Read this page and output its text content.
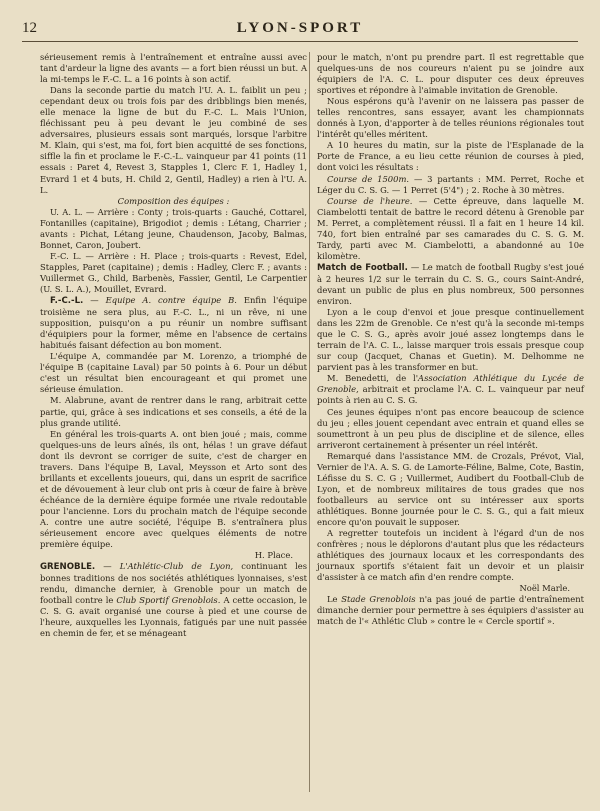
12	LYON-SPORT

sérieusement remis à l'entraînement et entraîne aussi avec tant d'ardeur la ligne des avants — a fort bien réussi un but. A la mi-temps le F.-C. L. a 16 points à son actif.

Dans la seconde partie du match l'U. A. L. faiblit un peu ; cependant deux ou trois fois par des dribblings bien menés, elle menace la ligne de but du F.-C. L. Mais l'Union, fléchissant peu à peu devant le jeu combiné de ses adversaires, plusieurs essais sont marqués, lorsque l'arbitre M. Klain, qui s'est, ma foi, fort bien acquitté de ses fonctions, siffle la fin et proclame le F.-C.-L. vainqueur par 41 points (11 essais : Paret 4, Revest 3, Stapples 1, Clerc F. 1, Hadley 1, Evrard 1 et 4 buts, H. Child 2, Gentil, Hadley) a rien à l'U. A. L.

Composition des équipes :

U. A. L. — Arrière : Conty ; trois-quarts : Gauché, Cottarel, Fontanilles (capitaine), Brigodiot ; demis : Létang, Charrier ; avants : Pichat, Létang jeune, Chaudenson, Jacoby, Balmas, Bonnet, Caron, Joubert.

F.-C. L. — Arrière : H. Place ; trois-quarts : Revest, Edel, Stapples, Paret (capitaine) ; demis : Hadley, Clerc F. ; avants : Vuillermet G., Child, Barbenès, Fassier, Gentil, Le Carpentier (U. S. L. A.), Mouillet, Evrard.

F.-C.-L. — Equipe A. contre équipe B. Enfin l'équipe troisième ne sera plus, au F.-C. L., ni un rêve, ni une supposition, puisqu'on a pu réunir un nombre suffisant d'équipiers pour la former, même en l'absence de certains habitués faisant défection au bon moment.

L'équipe A, commandée par M. Lorenzo, a triomphé de l'équipe B (capitaine Laval) par 50 points à 6. Pour un début c'est un résultat bien encourageant et qui promet une sérieuse émulation.

M. Alabrune, avant de rentrer dans le rang, arbitrait cette partie, qui, grâce à ses indications et ses conseils, a été de la plus grande utilité.

En général les trois-quarts A. ont bien joué ; mais, comme quelques-uns de leurs aînés, ils ont, hélas ! un grave défaut dont ils devront se corriger de suite, c'est de charger en travers. Dans l'équipe B, Laval, Meysson et Arto sont des brillants et excellents joueurs, qui, dans un esprit de sacrifice et de dévouement à leur club ont pris à cœur de faire à brève échéance de la dernière équipe formée une rivale redoutable pour l'ancienne. Lors du prochain match de l'équipe seconde A. contre une autre société, l'équipe B. s'entraînera plus sérieusement encore avec quelques éléments de notre première équipe.

H. Place.

GRENOBLE. — L'Athlétic-Club de Lyon, continuant les bonnes traditions de nos sociétés athlétiques lyonnaises, s'est rendu, dimanche dernier, à Grenoble pour un match de football contre le Club Sportif Grenoblois. A cette occasion, le C. S. G. avait organisé une course à pied et une course de l'heure, auxquelles les Lyonnais, fatigués par une nuit passée en chemin de fer, et se ménageant

pour le match, n'ont pu prendre part. Il est regrettable que quelques-uns de nos coureurs n'aient pu se joindre aux équipiers de l'A. C. L. pour disputer ces deux épreuves sportives et répondre à l'aimable invitation de Grenoble.

Nous espérons qu'à l'avenir on ne laissera pas passer de telles rencontres, sans essayer, avant les championnats donnés à Lyon, d'apporter à de telles réunions régionales tout l'intérêt qu'elles méritent.

A 10 heures du matin, sur la piste de l'Esplanade de la Porte de France, a eu lieu cette réunion de courses à pied, dont voici les résultats :

Course de 1500m. — 3 partants : MM. Perret, Roche et Léger du C. S. G. — 1 Perret (5'4") ; 2. Roche à 30 mètres.

Course de l'heure. — Cette épreuve, dans laquelle M. Ciambelotti tentait de battre le record détenu à Grenoble par M. Perret, a complètement réussi. Il a fait en 1 heure 14 kil. 740, fort bien entraîné par ses camarades du C. S. G. M. Tardy, parti avec M. Ciambelotti, a abandonné au 10e kilomètre.

Match de Football. — Le match de football Rugby s'est joué à 2 heures 1/2 sur le terrain du C. S. G., cours Saint-André, devant un public de plus en plus nombreux, 500 personnes environ.

Lyon a le coup d'envoi et joue presque continuellement dans les 22m de Grenoble. Ce n'est qu'à la seconde mi-temps que le C. S. G., après avoir joué assez longtemps dans le terrain de l'A. C. L., laisse marquer trois essais presque coup sur coup (Jacquet, Chanas et Guetin). M. Delhomme ne parvient pas à les transformer en but.

M. Benedetti, de l'Association Athlétique du Lycée de Grenoble, arbitrait et proclame l'A. C. L. vainqueur par neuf points à rien au C. S. G.

Ces jeunes équipes n'ont pas encore beaucoup de science du jeu ; elles jouent cependant avec entrain et quand elles se soumettront à un peu plus de discipline et de silence, elles arriveront certainement à présenter un réel intérêt.

Remarqué dans l'assistance MM. de Crozals, Prévot, Vial, Vernier de l'A. A. S. G. de Lamorte-Féline, Balme, Cote, Bastin, Léfisse du S. C. G ; Vuillermet, Audibert du Football-Club de Lyon, et de nombreux militaires de tous grades que nos footballeurs au service ont su intéresser aux sports athlétiques. Bonne journée pour le C. S. G., qui a fait mieux encore qu'on pouvait le supposer.

A regretter toutefois un incident à l'égard d'un de nos confrères ; nous le déplorons d'autant plus que les rédacteurs athlétiques des journaux locaux et les correspondants des journaux sportifs s'étaient fait un devoir et un plaisir d'assister à ce match afin d'en rendre compte.

Noël Marle.

Le Stade Grenoblois n'a pas joué de partie d'entraînement dimanche dernier pour permettre à ses équipiers d'assister au match de l'« Athlétic Club » contre le « Cercle sportif ».
